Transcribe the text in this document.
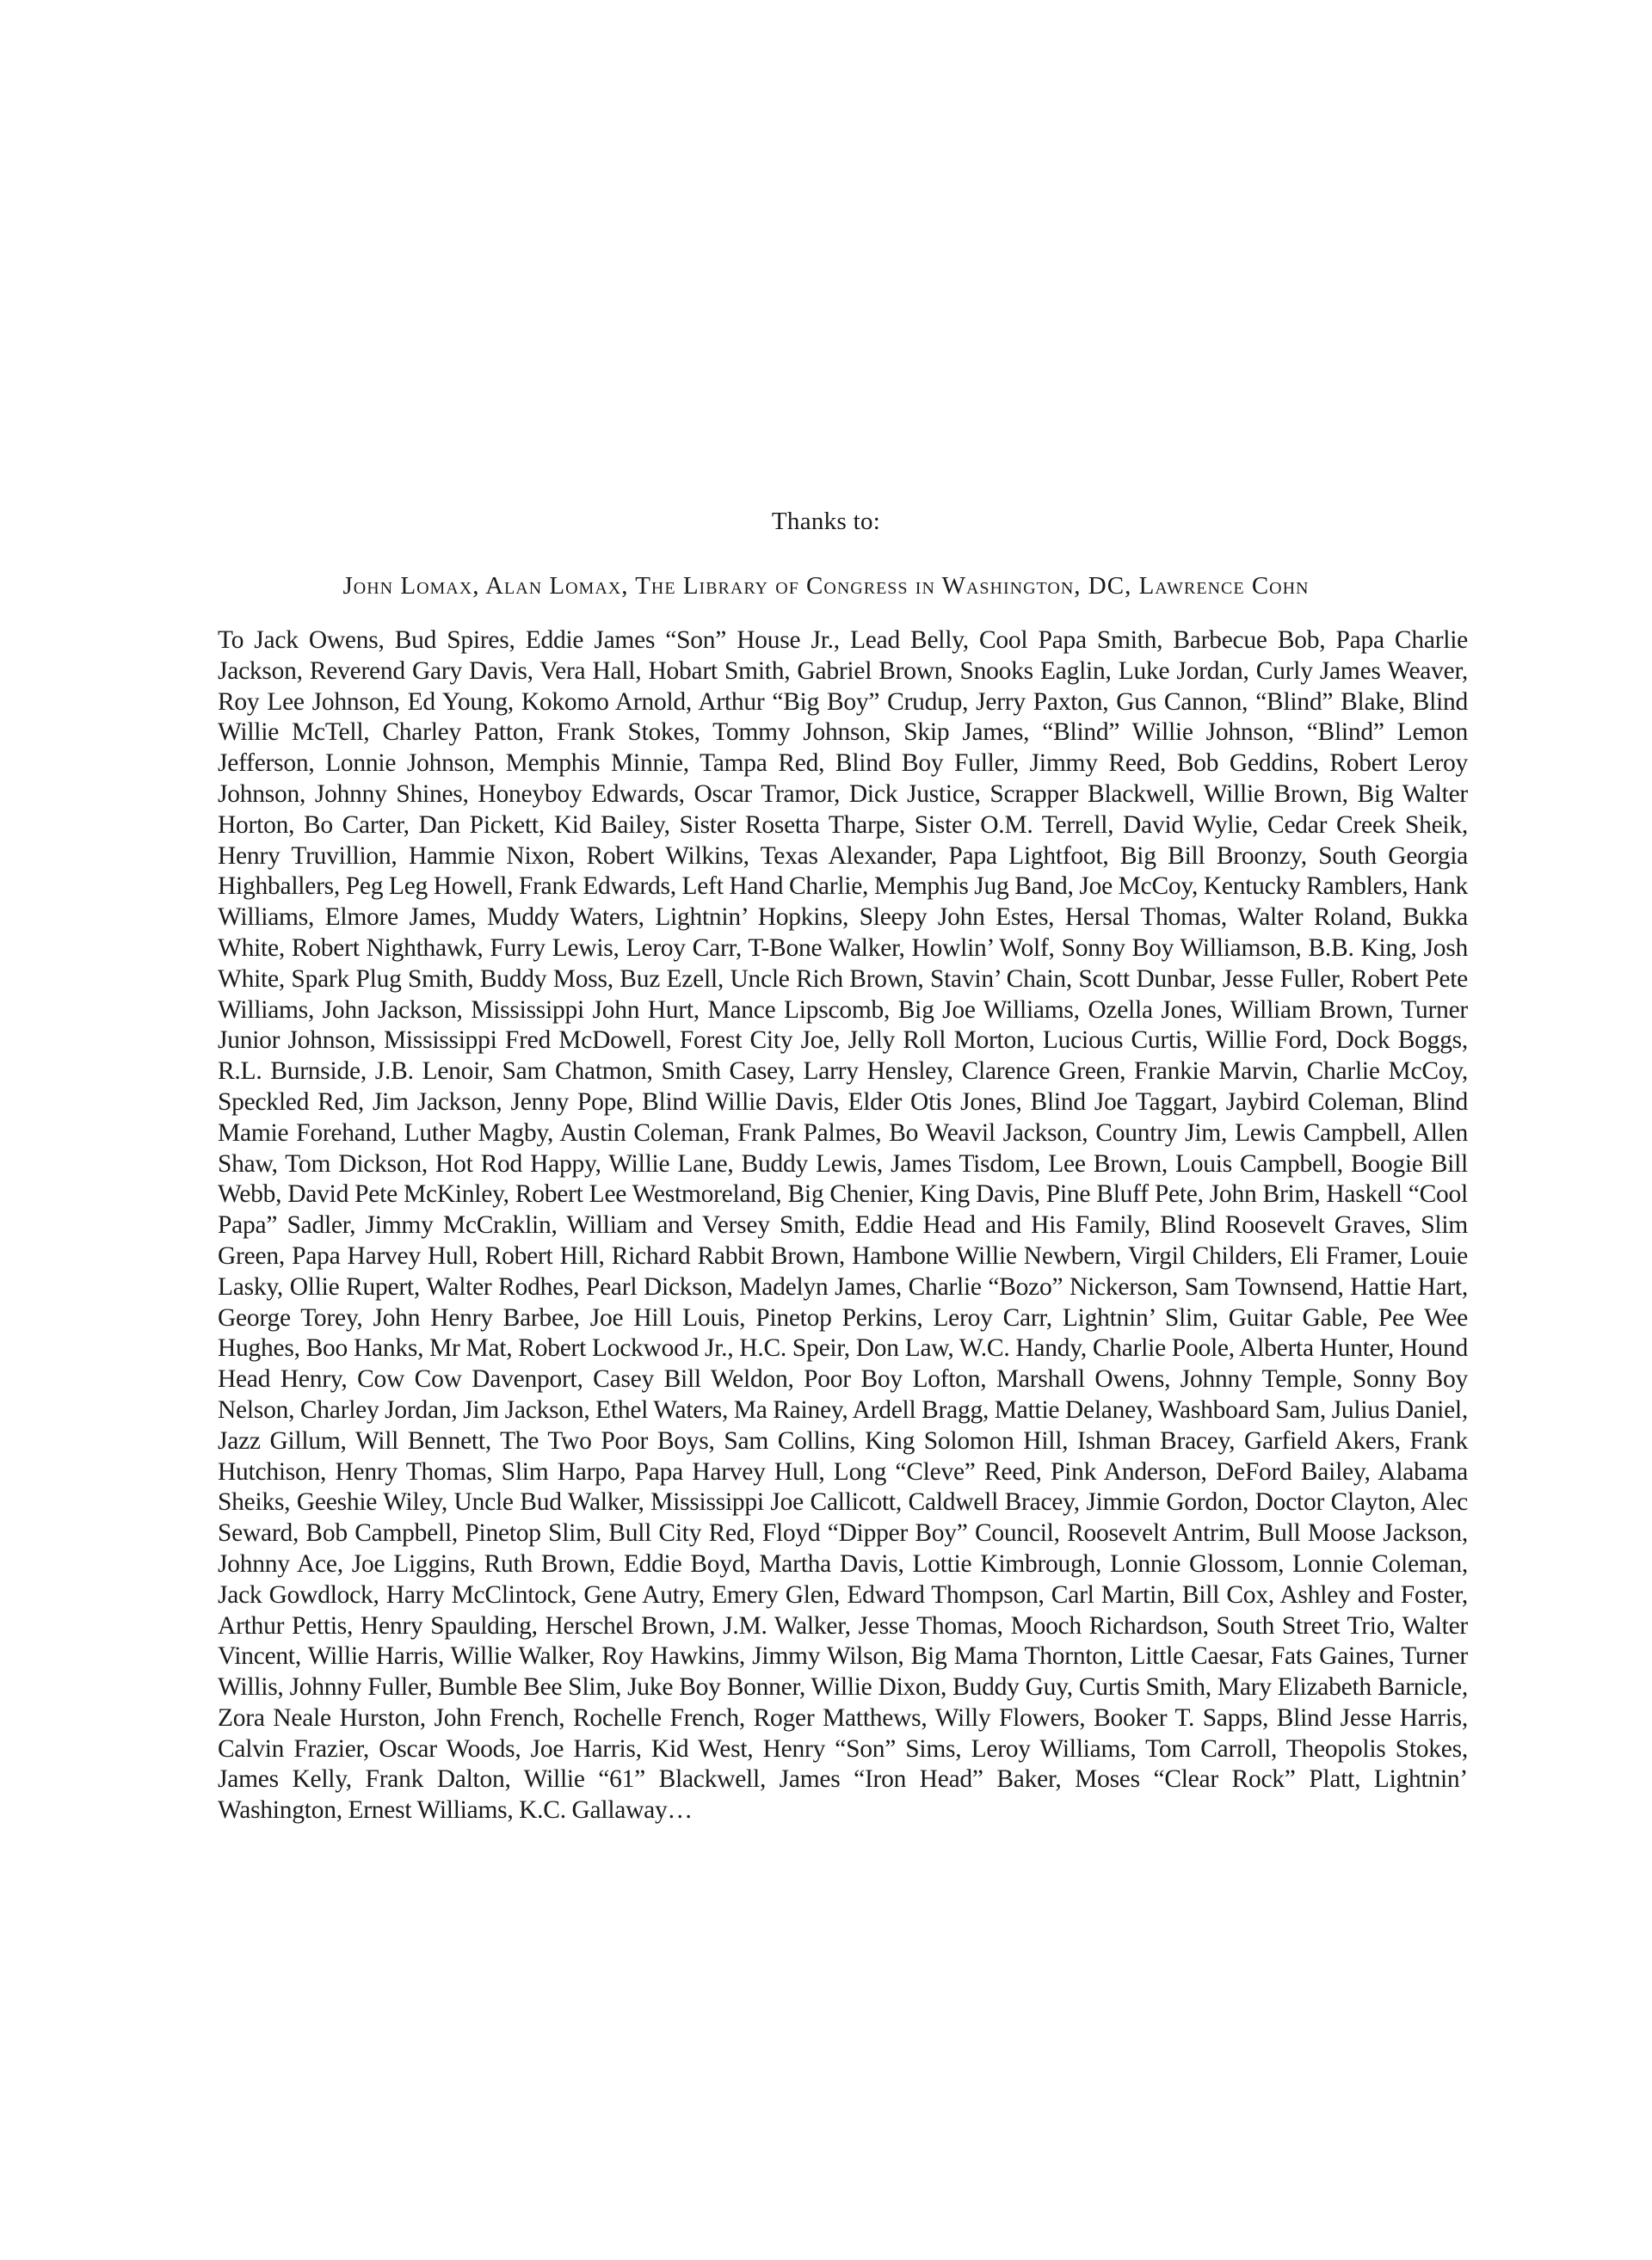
Thanks to:
John Lomax, Alan Lomax, The Library of Congress in Washington, DC, Lawrence Cohn

To Jack Owens, Bud Spires, Eddie James “Son” House Jr., Lead Belly, Cool Papa Smith, Barbecue Bob, Papa Charlie Jackson, Reverend Gary Davis, Vera Hall, Hobart Smith, Gabriel Brown, Snooks Eaglin, Luke Jordan, Curly James Weaver, Roy Lee Johnson, Ed Young, Kokomo Arnold, Arthur “Big Boy” Crudup, Jerry Paxton, Gus Cannon, “Blind” Blake, Blind Willie McTell, Charley Patton, Frank Stokes, Tommy Johnson, Skip James, “Blind” Willie Johnson, “Blind” Lemon Jefferson, Lonnie Johnson, Memphis Minnie, Tampa Red, Blind Boy Fuller, Jimmy Reed, Bob Geddins, Robert Leroy Johnson, Johnny Shines, Honeyboy Edwards, Oscar Tramor, Dick Justice, Scrapper Blackwell, Willie Brown, Big Walter Horton, Bo Carter, Dan Pickett, Kid Bailey, Sister Rosetta Tharpe, Sister O.M. Terrell, David Wylie, Cedar Creek Sheik, Henry Truvillion, Hammie Nixon, Robert Wilkins, Texas Alexander, Papa Lightfoot, Big Bill Broonzy, South Georgia Highballers, Peg Leg Howell, Frank Edwards, Left Hand Charlie, Memphis Jug Band, Joe McCoy, Kentucky Ramblers, Hank Williams, Elmore James, Muddy Waters, Lightnin’ Hopkins, Sleepy John Estes, Hersal Thomas, Walter Roland, Bukka White, Robert Nighthawk, Furry Lewis, Leroy Carr, T-Bone Walker, Howlin’ Wolf, Sonny Boy Williamson, B.B. King, Josh White, Spark Plug Smith, Buddy Moss, Buz Ezell, Uncle Rich Brown, Stavin’ Chain, Scott Dunbar, Jesse Fuller, Robert Pete Williams, John Jackson, Mississippi John Hurt, Mance Lipscomb, Big Joe Williams, Ozella Jones, William Brown, Turner Junior Johnson, Mississippi Fred McDowell, Forest City Joe, Jelly Roll Morton, Lucious Curtis, Willie Ford, Dock Boggs, R.L. Burnside, J.B. Lenoir, Sam Chatmon, Smith Casey, Larry Hensley, Clarence Green, Frankie Marvin, Charlie McCoy, Speckled Red, Jim Jackson, Jenny Pope, Blind Willie Davis, Elder Otis Jones, Blind Joe Taggart, Jaybird Coleman, Blind Mamie Forehand, Luther Magby, Austin Coleman, Frank Palmes, Bo Weavil Jackson, Country Jim, Lewis Campbell, Allen Shaw, Tom Dickson, Hot Rod Happy, Willie Lane, Buddy Lewis, James Tisdom, Lee Brown, Louis Campbell, Boogie Bill Webb, David Pete McKinley, Robert Lee Westmoreland, Big Chenier, King Davis, Pine Bluff Pete, John Brim, Haskell “Cool Papa” Sadler, Jimmy McCraklin, William and Versey Smith, Eddie Head and His Family, Blind Roosevelt Graves, Slim Green, Papa Harvey Hull, Robert Hill, Richard Rabbit Brown, Hambone Willie Newbern, Virgil Childers, Eli Framer, Louie Lasky, Ollie Rupert, Walter Rodhes, Pearl Dickson, Madelyn James, Charlie “Bozo” Nickerson, Sam Townsend, Hattie Hart, George Torey, John Henry Barbee, Joe Hill Louis, Pinetop Perkins, Leroy Carr, Lightnin’ Slim, Guitar Gable, Pee Wee Hughes, Boo Hanks, Mr Mat, Robert Lockwood Jr., H.C. Speir, Don Law, W.C. Handy, Charlie Poole, Alberta Hunter, Hound Head Henry, Cow Cow Davenport, Casey Bill Weldon, Poor Boy Lofton, Marshall Owens, Johnny Temple, Sonny Boy Nelson, Charley Jordan, Jim Jackson, Ethel Waters, Ma Rainey, Ardell Bragg, Mattie Delaney, Washboard Sam, Julius Daniel, Jazz Gillum, Will Bennett, The Two Poor Boys, Sam Collins, King Solomon Hill, Ishman Bracey, Garfield Akers, Frank Hutchison, Henry Thomas, Slim Harpo, Papa Harvey Hull, Long “Cleve” Reed, Pink Anderson, DeFord Bailey, Alabama Sheiks, Geeshie Wiley, Uncle Bud Walker, Mississippi Joe Callicott, Caldwell Bracey, Jimmie Gordon, Doctor Clayton, Alec Seward, Bob Campbell, Pinetop Slim, Bull City Red, Floyd “Dipper Boy” Council, Roosevelt Antrim, Bull Moose Jackson, Johnny Ace, Joe Liggins, Ruth Brown, Eddie Boyd, Martha Davis, Lottie Kimbrough, Lonnie Glossom, Lonnie Coleman, Jack Gowdlock, Harry McClintock, Gene Autry, Emery Glen, Edward Thompson, Carl Martin, Bill Cox, Ashley and Foster, Arthur Pettis, Henry Spaulding, Herschel Brown, J.M. Walker, Jesse Thomas, Mooch Richardson, South Street Trio, Walter Vincent, Willie Harris, Willie Walker, Roy Hawkins, Jimmy Wilson, Big Mama Thornton, Little Caesar, Fats Gaines, Turner Willis, Johnny Fuller, Bumble Bee Slim, Juke Boy Bonner, Willie Dixon, Buddy Guy, Curtis Smith, Mary Elizabeth Barnicle, Zora Neale Hurston, John French, Rochelle French, Roger Matthews, Willy Flowers, Booker T. Sapps, Blind Jesse Harris, Calvin Frazier, Oscar Woods, Joe Harris, Kid West, Henry “Son” Sims, Leroy Williams, Tom Carroll, Theopolis Stokes, James Kelly, Frank Dalton, Willie “61” Blackwell, James “Iron Head” Baker, Moses “Clear Rock” Platt, Lightnin’ Washington, Ernest Williams, K.C. Gallaway…
